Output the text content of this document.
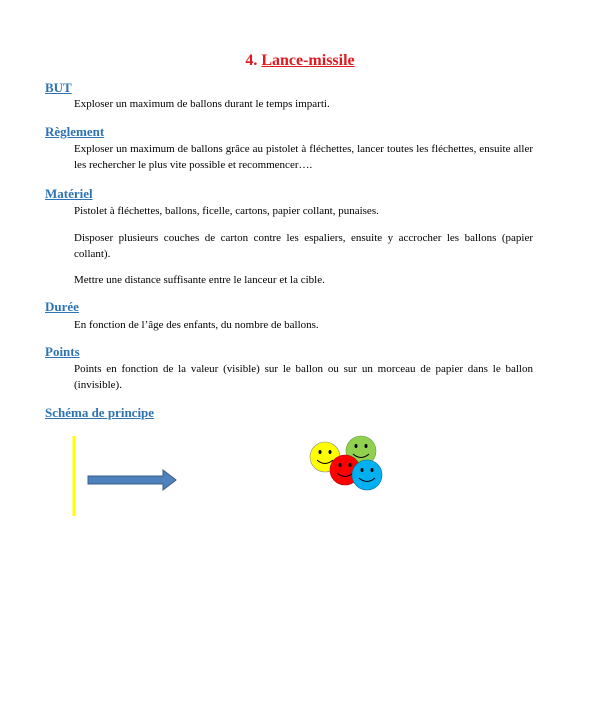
4. Lance-missile
BUT

Exploser un maximum de ballons durant le temps imparti.

Règlement

Exploser un maximum de ballons grâce au pistolet à fléchettes, lancer toutes les fléchettes, ensuite aller les rechercher le plus vite possible et recommencer….

Matériel

Pistolet à fléchettes, ballons, ficelle, cartons, papier collant, punaises.

Disposer plusieurs couches de carton contre les espaliers, ensuite y accrocher les ballons (papier collant).

Mettre une distance suffisante entre le lanceur et la cible.

Durée

En fonction de l’âge des enfants, du nombre de ballons.

Points

Points en fonction de la valeur (visible) sur le ballon ou sur un morceau de papier dans le ballon (invisible).

Schéma de principe
